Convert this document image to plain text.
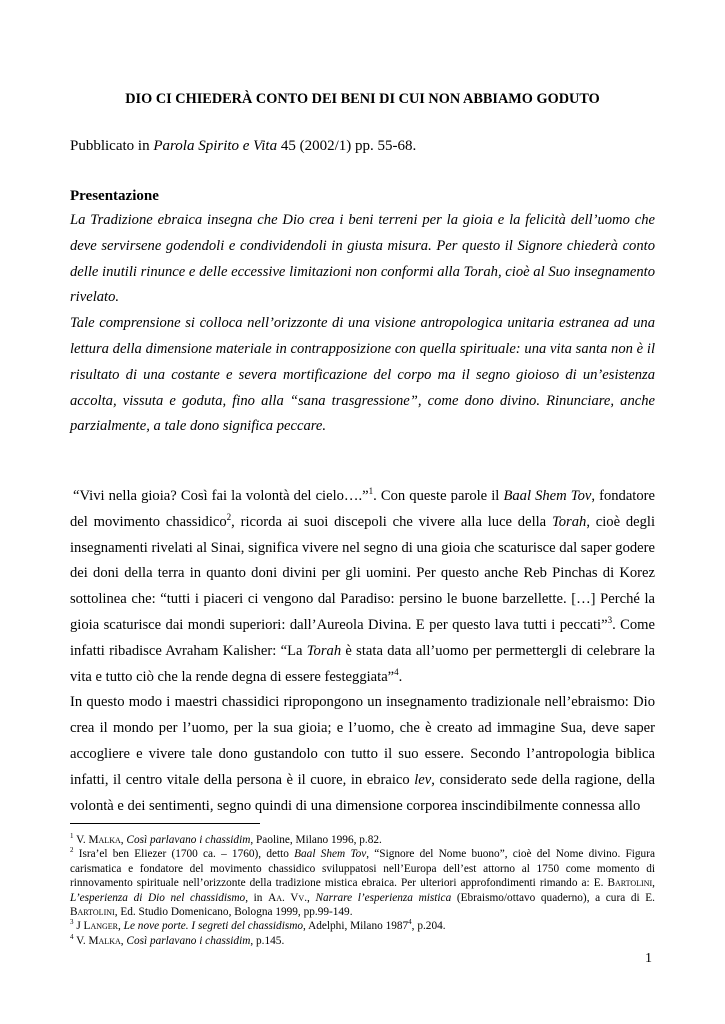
DIO CI CHIEDERÀ CONTO DEI BENI DI CUI NON ABBIAMO GODUTO
Pubblicato in Parola Spirito e Vita 45 (2002/1) pp. 55-68.
Presentazione

La Tradizione ebraica insegna che Dio crea i beni terreni per la gioia e la felicità dell’uomo che deve servirsene godendoli e condividendoli in giusta misura. Per questo il Signore chiederà conto delle inutili rinunce e delle eccessive limitazioni non conformi alla Torah, cioè al Suo insegnamento rivelato.

Tale comprensione si colloca nell’orizzonte di una visione antropologica unitaria estranea ad una lettura della dimensione materiale in contrapposizione con quella spirituale: una vita santa non è il risultato di una costante e severa mortificazione del corpo ma il segno gioioso di un’esistenza accolta, vissuta e goduta, fino alla “sana trasgressione”, come dono divino. Rinunciare, anche parzialmente, a tale dono significa peccare.

“Vivi nella gioia? Così fai la volontà del cielo….”$^1$. Con queste parole il Baal Shem Tov, fondatore del movimento chassidico$^2$, ricorda ai suoi discepoli che vivere alla luce della Torah, cioè degli insegnamenti rivelati al Sinai, significa vivere nel segno di una gioia che scaturisce dal saper godere dei doni della terra in quanto doni divini per gli uomini. Per questo anche Reb Pinchas di Korez sottolinea che: “tutti i piaceri ci vengono dal Paradiso: persino le buone barzellette. […] Perché la gioia scaturisce dai mondi superiori: dall’Aureola Divina. E per questo lava tutti i peccati”$^3$. Come infatti ribadisce Avraham Kalisher: “La Torah è stata data all’uomo per permettergli di celebrare la vita e tutto ciò che la rende degna di essere festeggiata”$^4$.

In questo modo i maestri chassidici ripropongono un insegnamento tradizionale nell’ebraismo: Dio crea il mondo per l’uomo, per la sua gioia; e l’uomo, che è creato ad immagine Sua, deve saper accogliere e vivere tale dono gustandolo con tutto il suo essere. Secondo l’antropologia biblica infatti, il centro vitale della persona è il cuore, in ebraico lev, considerato sede della ragione, della volontà e dei sentimenti, segno quindi di una dimensione corporea inscindibilmente connessa allo

$^1$ V. Malka, Così parlavano i chassidim, Paoline, Milano 1996, p.82.

$^2$ Isra’el ben Eliezer (1700 ca. – 1760), detto Baal Shem Tov, “Signore del Nome buono”, cioè del Nome divino. Figura carismatica e fondatore del movimento chassidico sviluppatosi nell’Europa dell’est attorno al 1750 come momento di rinnovamento spirituale nell’orizzonte della tradizione mistica ebraica. Per ulteriori approfondimenti rimando a: E. Bartolini, L’esperienza di Dio nel chassidismo, in Aa. Vv., Narrare l’esperienza mistica (Ebraismo/ottavo quaderno), a cura di E. Bartolini, Ed. Studio Domenicano, Bologna 1999, pp.99-149.

$^3$ J Langer, Le nove porte. I segreti del chassidismo, Adelphi, Milano 1987$^4$, p.204.

$^4$ V. Malka, Così parlavano i chassidim, p.145.

1
